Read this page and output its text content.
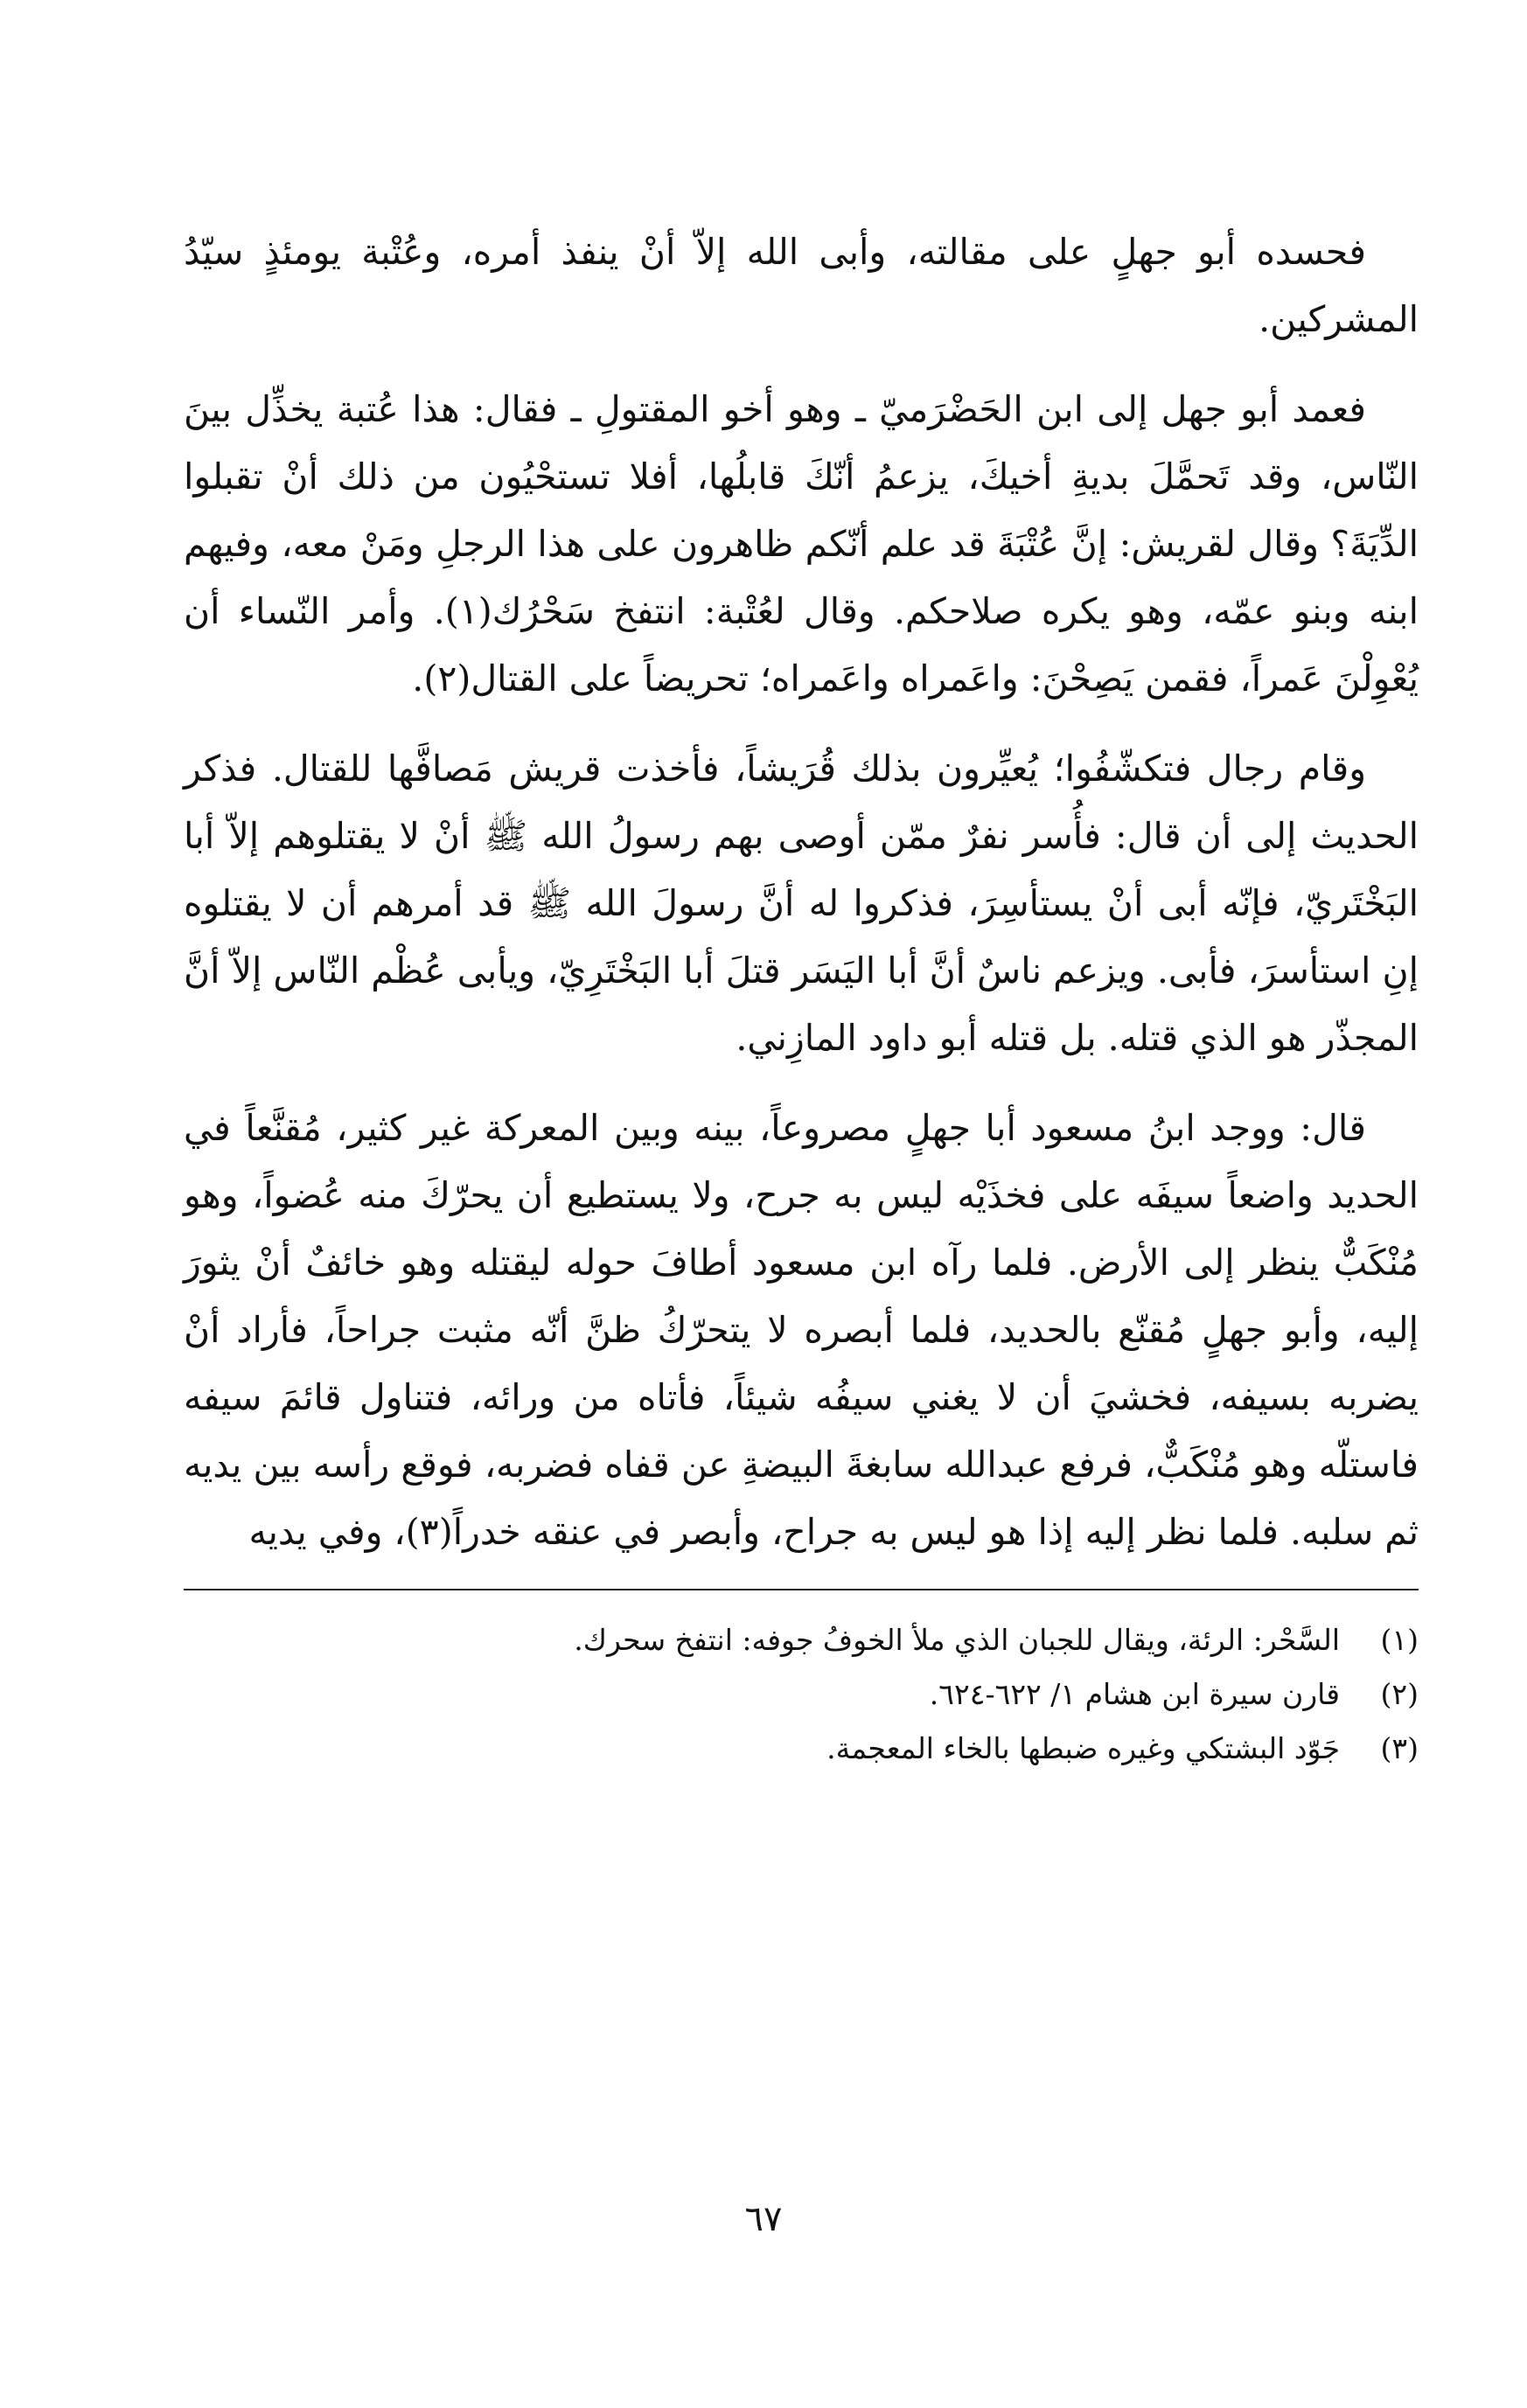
فحسده أبو جهلٍ على مقالته، وأبى الله إلاّ أنْ ينفذ أمره، وعُتْبة يومئذٍ سيّدُ المشركين.

فعمد أبو جهل إلى ابن الحَضْرَميّ ـ وهو أخو المقتولِ ـ فقال: هذا عُتبة يخذِّل بينَ النّاس، وقد تَحمَّلَ بديةِ أخيكَ، يزعمُ أنّكَ قابلُها، أفلا تستحْيُون من ذلك أنْ تقبلوا الدِّيَةَ؟ وقال لقريش: إنَّ عُتْبَةَ قد علم أنّكم ظاهرون على هذا الرجلِ ومَنْ معه، وفيهم ابنه وبنو عمّه، وهو يكره صلاحكم. وقال لعُتْبة: انتفخ سَحْرُك(١). وأمر النّساء أن يُعْوِلْنَ عَمراً، فقمن يَصِحْنَ: واعَمراه واعَمراه؛ تحريضاً على القتال(٢).

وقام رجال فتكشّفُوا؛ يُعيِّرون بذلك قُرَيشاً، فأخذت قريش مَصافَّها للقتال. فذكر الحديث إلى أن قال: فأُسر نفرٌ ممّن أوصى بهم رسولُ الله ﷺ أنْ لا يقتلوهم إلاّ أبا البَخْتَريّ، فإنّه أبى أنْ يستأسِرَ، فذكروا له أنَّ رسولَ الله ﷺ قد أمرهم أن لا يقتلوه إنِ استأسرَ، فأبى. ويزعم ناسٌ أنَّ أبا اليَسَر قتلَ أبا البَخْتَرِيّ، ويأبى عُظْم النّاس إلاّ أنَّ المجذّر هو الذي قتله. بل قتله أبو داود المازِني.

قال: ووجد ابنُ مسعود أبا جهلٍ مصروعاً، بينه وبين المعركة غير كثير، مُقنَّعاً في الحديد واضعاً سيفَه على فخذَيْه ليس به جرح، ولا يستطيع أن يحرّكَ منه عُضواً، وهو مُنْكَبٌّ ينظر إلى الأرض. فلما رآه ابن مسعود أطافَ حوله ليقتله وهو خائفٌ أنْ يثورَ إليه، وأبو جهلٍ مُقنّع بالحديد، فلما أبصره لا يتحرّكُ ظنَّ أنّه مثبت جراحاً، فأراد أنْ يضربه بسيفه، فخشيَ أن لا يغني سيفُه شيئاً، فأتاه من ورائه، فتناول قائمَ سيفه فاستلّه وهو مُنْكَبٌّ، فرفع عبدالله سابغةَ البيضةِ عن قفاه فضربه، فوقع رأسه بين يديه ثم سلبه. فلما نظر إليه إذا هو ليس به جراح، وأبصر في عنقه خدراً(٣)، وفي يديه

(١)
السَّحْر: الرئة، ويقال للجبان الذي ملأ الخوفُ جوفه: انتفخ سحرك.
(٢)
قارن سيرة ابن هشام ١/ ٦٢٢-٦٢٤.
(٣)
جَوّد البشتكي وغيره ضبطها بالخاء المعجمة.
٦٧
